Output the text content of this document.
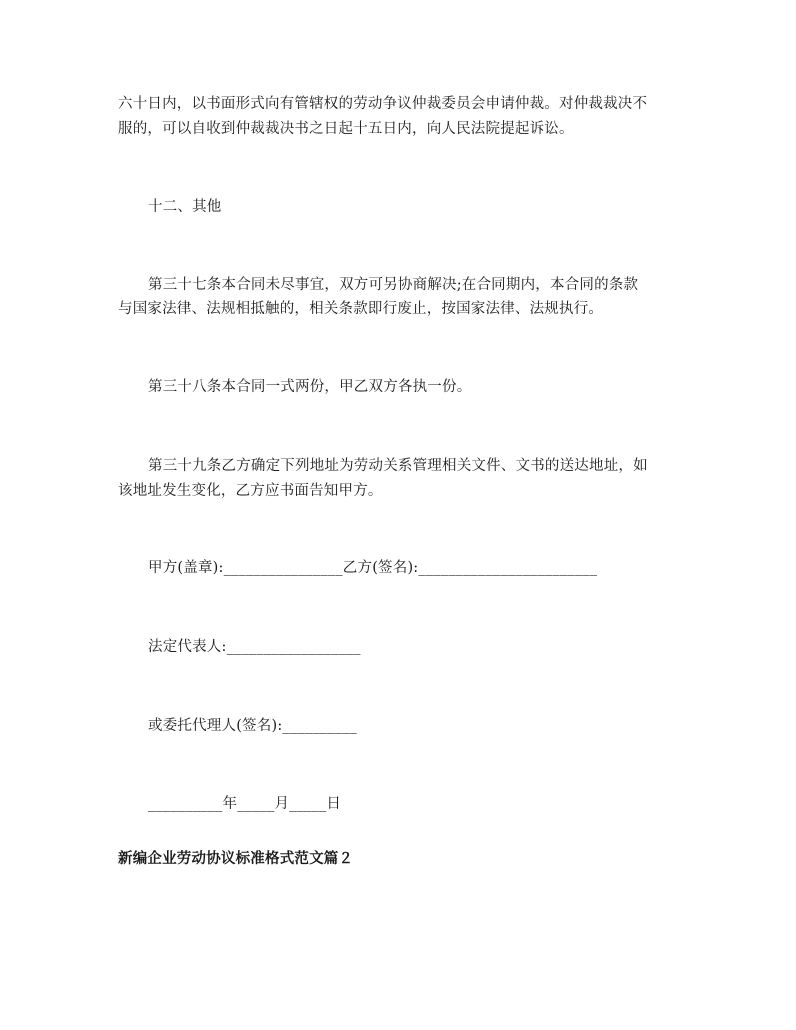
六十日内，以书面形式向有管辖权的劳动争议仲裁委员会申请仲裁。对仲裁裁决不
服的，可以自收到仲裁裁决书之日起十五日内，向人民法院提起诉讼。
十二、其他
第三十七条本合同未尽事宜，双方可另协商解决;在合同期内，本合同的条款
与国家法律、法规相抵触的，相关条款即行废止，按国家法律、法规执行。
第三十八条本合同一式两份，甲乙双方各执一份。
第三十九条乙方确定下列地址为劳动关系管理相关文件、文书的送达地址，如
该地址发生变化，乙方应书面告知甲方。
甲方(盖章):________________乙方(签名):________________________
法定代表人:__________________
或委托代理人(签名):__________
__________年_____月_____日
新编企业劳动协议标准格式范文篇２
